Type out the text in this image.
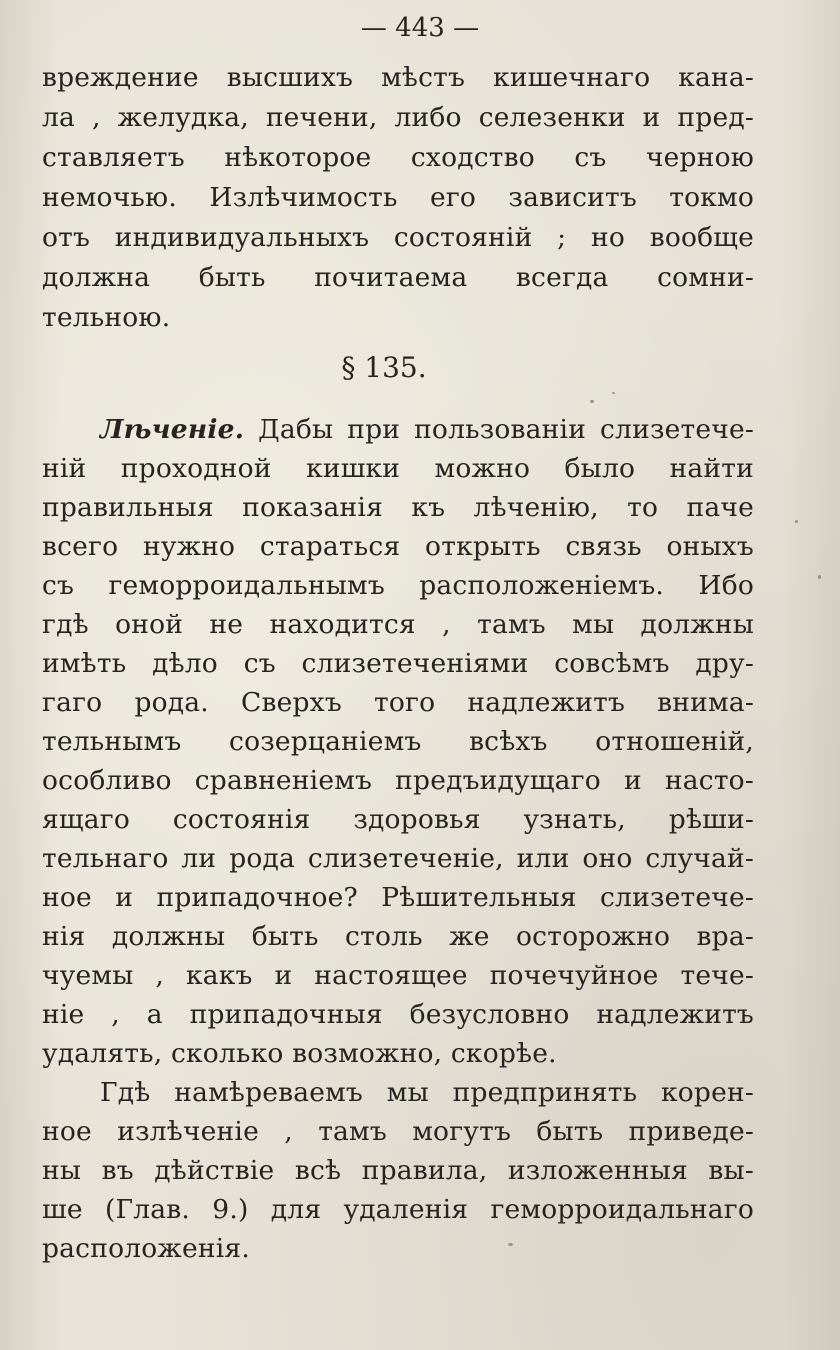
— 443 —

вреждение высшихъ мѣстъ кишечнаго кана-

ла , желудка, печени, либо селезенки и пред-

ставляетъ нѣкоторое сходство съ черною

немочью. Излѣчимость его зависитъ токмо

отъ индивидуальныхъ состояній ; но вообще

должна быть почитаема всегда сомни-

тельною.

§ 135.

Лѣченіе. Дабы при пользованіи слизетече-

ній проходной кишки можно было найти

правильныя показанія къ лѣченію, то паче

всего нужно стараться открыть связь оныхъ

съ геморроидальнымъ расположеніемъ. Ибо

гдѣ оной не находится , тамъ мы должны

имѣть дѣло съ слизетеченіями совсѣмъ дру-

гаго рода. Сверхъ того надлежитъ внима-

тельнымъ созерцаніемъ всѣхъ отношеній,

особливо сравненіемъ предъидущаго и насто-

ящаго состоянія здоровья узнать, рѣши-

тельнаго ли рода слизетеченіе, или оно случай-

ное и припадочное? Рѣшительныя слизетече-

нія должны быть столь же осторожно вра-

чуемы , какъ и настоящее почечуйное тече-

ніе , а припадочныя безусловно надлежитъ

удалять, сколько возможно, скорѣе.

Гдѣ намѣреваемъ мы предпринять корен-

ное излѣченіе , тамъ могутъ быть приведе-

ны въ дѣйствіе всѣ правила, изложенныя вы-

ше (Глав. 9.) для удаленія геморроидальнаго

расположенія.
